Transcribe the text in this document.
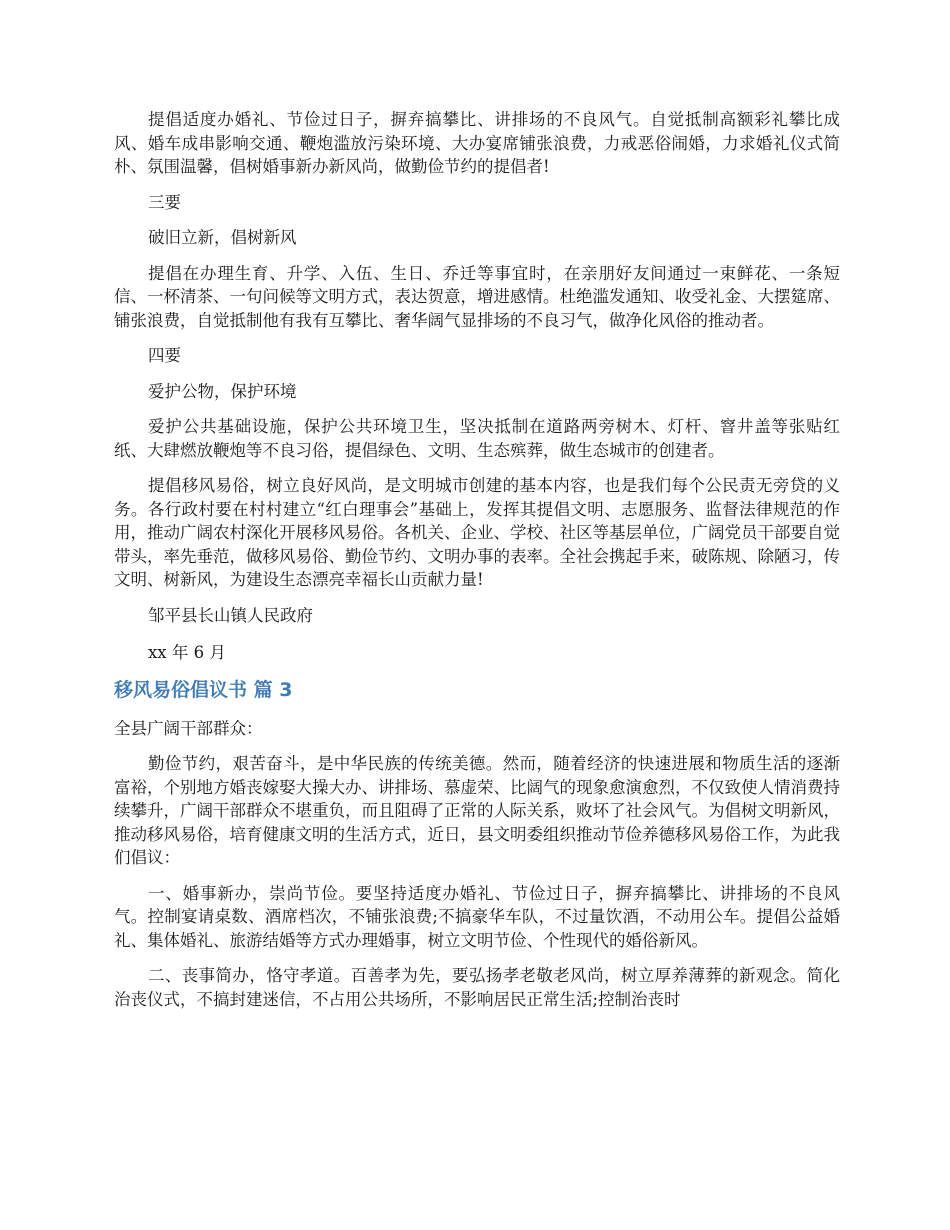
提倡适度办婚礼、节俭过日子，摒弃搞攀比、讲排场的不良风气。自觉抵制高额彩礼攀比成风、婚车成串影响交通、鞭炮滥放污染环境、大办宴席铺张浪费，力戒恶俗闹婚，力求婚礼仪式简朴、氛围温馨，倡树婚事新办新风尚，做勤俭节约的提倡者!

三要

破旧立新，倡树新风

提倡在办理生育、升学、入伍、生日、乔迁等事宜时，在亲朋好友间通过一束鲜花、一条短信、一杯清茶、一句问候等文明方式，表达贺意，增进感情。杜绝滥发通知、收受礼金、大摆筵席、铺张浪费，自觉抵制他有我有互攀比、奢华阔气显排场的不良习气，做净化风俗的推动者。

四要

爱护公物，保护环境

爱护公共基础设施，保护公共环境卫生，坚决抵制在道路两旁树木、灯杆、窨井盖等张贴红纸、大肆燃放鞭炮等不良习俗，提倡绿色、文明、生态殡葬，做生态城市的创建者。

提倡移风易俗，树立良好风尚，是文明城市创建的基本内容，也是我们每个公民责无旁贷的义务。各行政村要在村村建立“红白理事会”基础上，发挥其提倡文明、志愿服务、监督法律规范的作用，推动广阔农村深化开展移风易俗。各机关、企业、学校、社区等基层单位，广阔党员干部要自觉带头，率先垂范，做移风易俗、勤俭节约、文明办事的表率。全社会携起手来，破陈规、除陋习，传文明、树新风，为建设生态漂亮幸福长山贡献力量!

邹平县长山镇人民政府

xx 年 6 月

移风易俗倡议书 篇 3

全县广阔干部群众：

勤俭节约，艰苦奋斗，是中华民族的传统美德。然而，随着经济的快速进展和物质生活的逐渐富裕，个别地方婚丧嫁娶大操大办、讲排场、慕虚荣、比阔气的现象愈演愈烈，不仅致使人情消费持续攀升，广阔干部群众不堪重负，而且阻碍了正常的人际关系，败坏了社会风气。为倡树文明新风，推动移风易俗，培育健康文明的生活方式，近日，县文明委组织推动节俭养德移风易俗工作，为此我们倡议：

一、婚事新办，崇尚节俭。要坚持适度办婚礼、节俭过日子，摒弃搞攀比、讲排场的不良风气。控制宴请桌数、酒席档次，不铺张浪费;不搞豪华车队，不过量饮酒，不动用公车。提倡公益婚礼、集体婚礼、旅游结婚等方式办理婚事，树立文明节俭、个性现代的婚俗新风。

二、丧事简办，恪守孝道。百善孝为先，要弘扬孝老敬老风尚，树立厚养薄葬的新观念。简化治丧仪式，不搞封建迷信，不占用公共场所，不影响居民正常生活;控制治丧时
